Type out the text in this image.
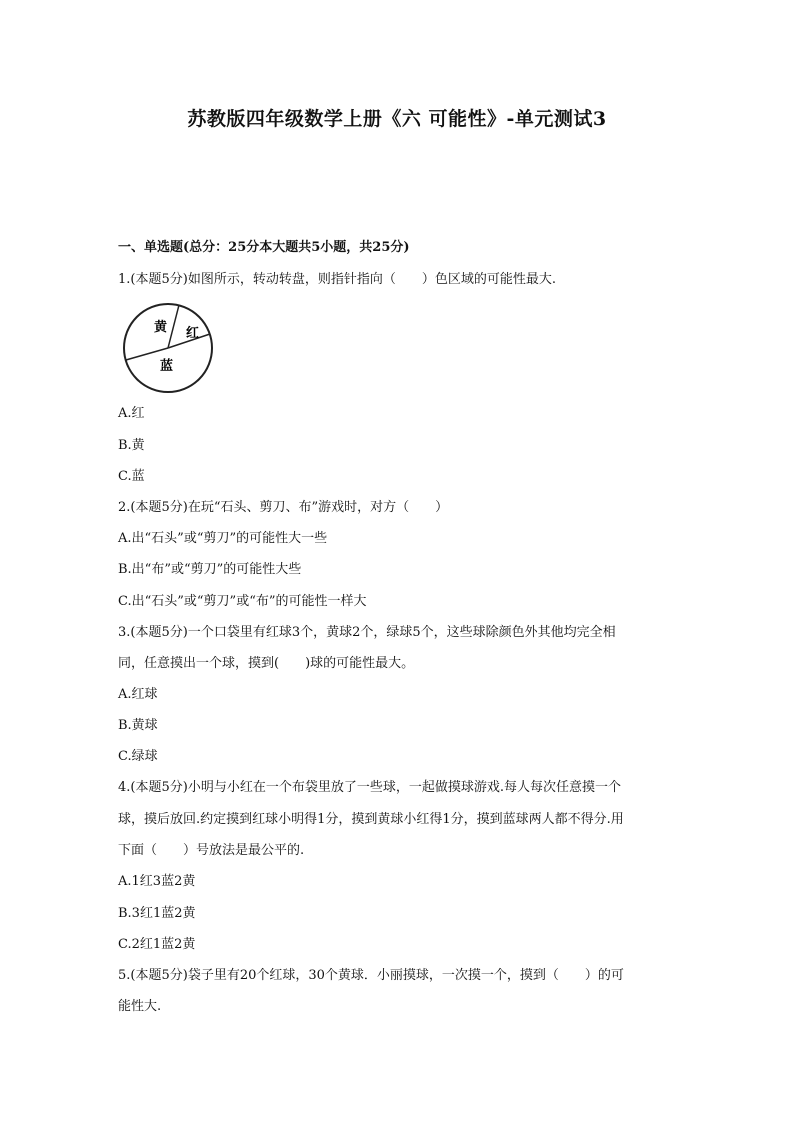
苏教版四年级数学上册《六 可能性》-单元测试3
一、单选题(总分：25分本大题共5小题，共25分)
1.(本题5分)如图所示，转动转盘，则指针指向（　　）色区域的可能性最大.
黄 红
蓝
A.红
B.黄
C.蓝
2.(本题5分)在玩“石头、剪刀、布”游戏时，对方（　　）
A.出“石头”或“剪刀”的可能性大一些
B.出“布”或“剪刀”的可能性大些
C.出“石头”或“剪刀”或“布”的可能性一样大
3.(本题5分)一个口袋里有红球3个，黄球2个，绿球5个，这些球除颜色外其他均完全相
同，任意摸出一个球，摸到(　　)球的可能性最大。
A.红球
B.黄球
C.绿球
4.(本题5分)小明与小红在一个布袋里放了一些球，一起做摸球游戏.每人每次任意摸一个
球，摸后放回.约定摸到红球小明得1分，摸到黄球小红得1分，摸到蓝球两人都不得分.用
下面（　　）号放法是最公平的.
A.1红3蓝2黄
B.3红1蓝2黄
C.2红1蓝2黄
5.(本题5分)袋子里有20个红球，30个黄球．小丽摸球，一次摸一个，摸到（　　）的可
能性大.
